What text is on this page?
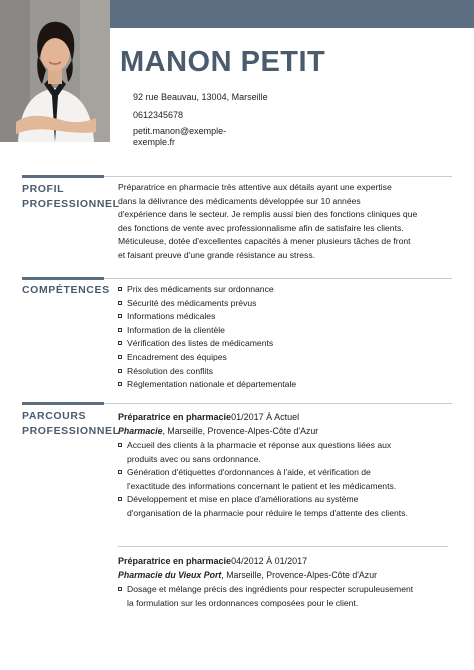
MANON PETIT
92 rue Beauvau, 13004, Marseille
0612345678
petit.manon@exemple-exemple.fr
PROFIL
PROFESSIONNEL
Préparatrice en pharmacie très attentive aux détails ayant une expertise
dans la délivrance des médicaments développée sur 10 années
d'expérience dans le secteur. Je remplis aussi bien des fonctions cliniques que
des fonctions de vente avec professionnalisme afin de satisfaire les clients.
Méticuleuse, dotée d'excellentes capacités à mener plusieurs tâches de front
et faisant preuve d'une grande résistance au stress.
COMPÉTENCES	Prix des médicaments sur ordonnance
Sécurité des médicaments prévus
Informations médicales
Information de la clientèle
Vérification des listes de médicaments
Encadrement des équipes
Résolution des conflits
Réglementation nationale et départementale
PARCOURS
PROFESSIONNEL
Préparatrice en pharmacie01/2017 À Actuel
Pharmacie, Marseille, Provence-Alpes-Côte d'Azur
Accueil des clients à la pharmacie et réponse aux questions liées aux
produits avec ou sans ordonnance.
Génération d'étiquettes d'ordonnances à l'aide, et vérification de
l'exactitude des informations concernant le patient et les médicaments.
Développement et mise en place d'améliorations au système
d'organisation de la pharmacie pour réduire le temps d'attente des clients.
Préparatrice en pharmacie04/2012 À 01/2017
Pharmacie du Vieux Port, Marseille, Provence-Alpes-Côte d'Azur
Dosage et mélange précis des ingrédients pour respecter scrupuleusement
la formulation sur les ordonnances composées pour le client.
